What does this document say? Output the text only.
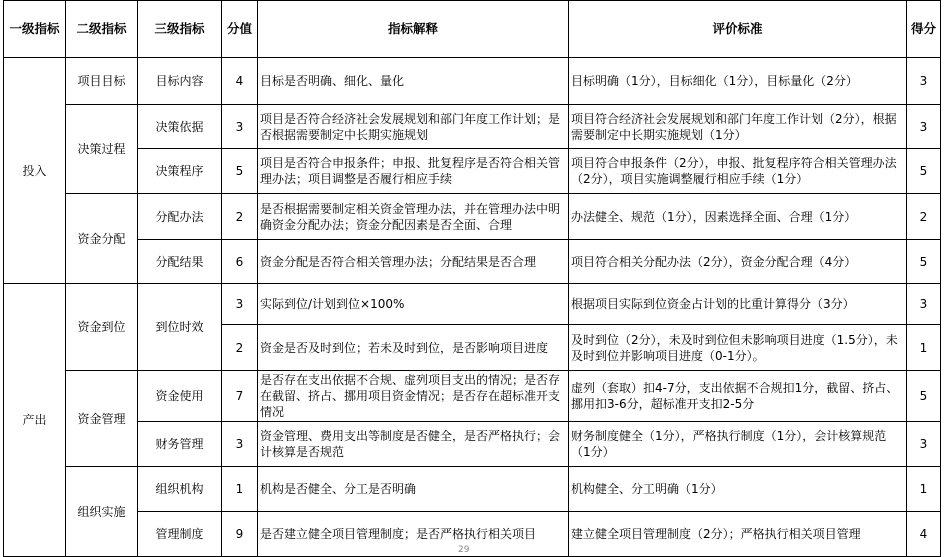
一级指标	二级指标	三级指标	分值	指标解释	评价标准	得分
投入	项目目标	目标内容	4	目标是否明确、细化、量化	目标明确（1分），目标细化（1分），目标量化（2分）	3
	决策过程	决策依据	3	项目是否符合经济社会发展规划和部门年度工作计划；是否根据需要制定中长期实施规划	项目符合经济社会发展规划和部门年度工作计划（2分），根据需要制定中长期实施规划（1分）	3
		决策程序	5	项目是否符合申报条件；申报、批复程序是否符合相关管理办法；项目调整是否履行相应手续	项目符合申报条件（2分），申报、批复程序符合相关管理办法（2分），项目实施调整履行相应手续（1分）	5
	资金分配	分配办法	2	是否根据需要制定相关资金管理办法，并在管理办法中明确资金分配办法；资金分配因素是否全面、合理	办法健全、规范（1分），因素选择全面、合理（1分）	2
		分配结果	6	资金分配是否符合相关管理办法；分配结果是否合理	项目符合相关分配办法（2分），资金分配合理（4分）	5
产出	资金到位	到位时效	3	实际到位/计划到位×100%	根据项目实际到位资金占计划的比重计算得分（3分）	3
			2	资金是否及时到位；若未及时到位，是否影响项目进度	及时到位（2分），未及时到位但未影响项目进度（1.5分），未及时到位并影响项目进度（0-1分）。	1
	资金管理	资金使用	7	是否存在支出依据不合规、虚列项目支出的情况；是否存在截留、挤占、挪用项目资金情况；是否存在超标准开支情况	虚列（套取）扣4-7分，支出依据不合规扣1分，截留、挤占、挪用扣3-6分，超标准开支扣2-5分	5
		财务管理	3	资金管理、费用支出等制度是否健全，是否严格执行；会计核算是否规范	财务制度健全（1分），严格执行制度（1分），会计核算规范（1分）	3
	组织实施	组织机构	1	机构是否健全、分工是否明确	机构健全、分工明确（1分）	1
		管理制度	9	是否建立健全项目管理制度；是否严格执行相关项目	建立健全项目管理制度（2分）；严格执行相关项目管理	4
29
